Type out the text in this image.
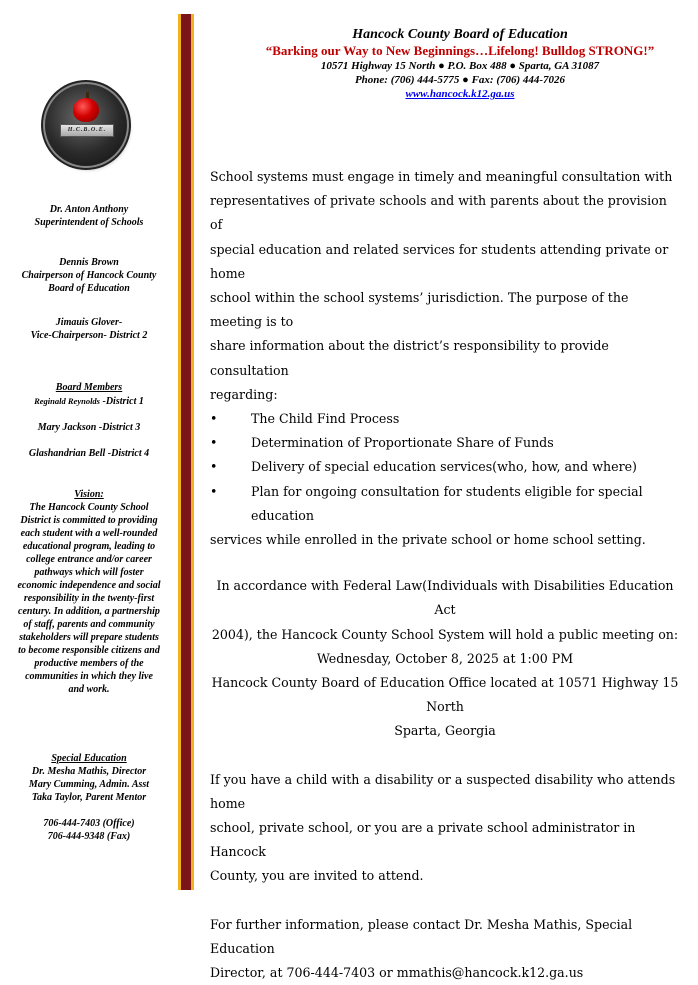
H.C.B.O.E.

Dr. Anton Anthony

Superintendent of Schools

Dennis Brown

Chairperson of Hancock County

Board of Education

Jimauis Glover-

Vice-Chairperson- District 2

Board Members

Reginald Reynolds -District 1

Mary Jackson -District 3

Glashandrian Bell -District 4

Vision:

The Hancock County School

District is committed to providing

each student with a well-rounded

educational program, leading to

college entrance and/or career

pathways which will foster

economic independence and social

responsibility in the twenty-first

century. In addition, a partnership

of staff, parents and community

stakeholders will prepare students

to become responsible citizens and

productive members of the

communities in which they live

and work.

Special Education

Dr. Mesha Mathis, Director

Mary Cumming, Admin. Asst

Taka Taylor, Parent Mentor

706-444-7403 (Office)

706-444-9348 (Fax)

Hancock County Board of Education
“Barking our Way to New Beginnings…Lifelong! Bulldog STRONG!”
10571 Highway 15 North ● P.O. Box 488 ● Sparta, GA 31087
Phone: (706) 444-5775 ● Fax: (706) 444-7026
www.hancock.k12.ga.us

School systems must engage in timely and meaningful consultation with

representatives of private schools and with parents about the provision of

special education and related services for students attending private or home

school within the school systems’ jurisdiction. The purpose of the meeting is to

share information about the district’s responsibility to provide consultation

regarding:

•	The Child Find Process
•	Determination of Proportionate Share of Funds
•	Delivery of special education services(who, how, and where)
•	Plan for ongoing consultation for students eligible for special education

services while enrolled in the private school or home school setting.

In accordance with Federal Law(Individuals with Disabilities Education Act

2004), the Hancock County School System will hold a public meeting on:

Wednesday, October 8, 2025 at 1:00 PM

Hancock County Board of Education Office located at 10571 Highway 15 North

Sparta, Georgia

If you have a child with a disability or a suspected disability who attends home

school, private school, or you are a private school administrator in Hancock

County, you are invited to attend.

For further information, please contact Dr. Mesha Mathis, Special Education

Director, at 706-444-7403 or mmathis@hancock.k12.ga.us
